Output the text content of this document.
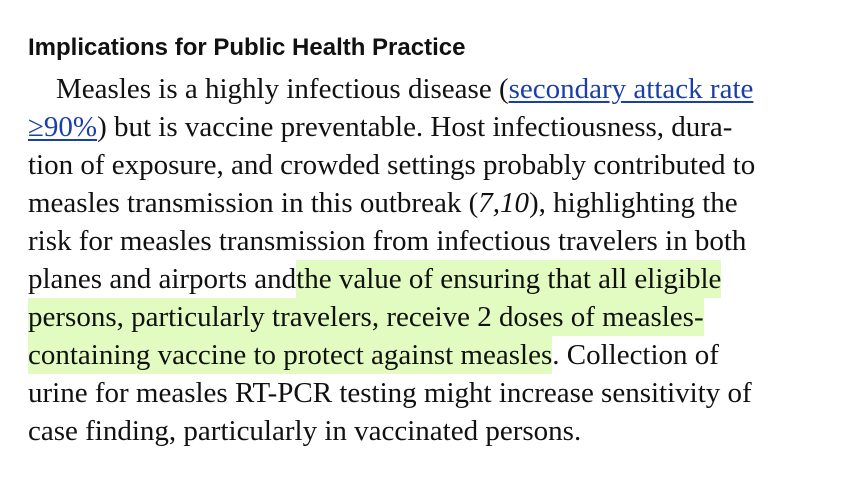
Implications for Public Health Practice
Measles is a highly infectious disease ( secondary attack rate
≥90%) but is vaccine preventable. Host infectiousness, dura-
tion of exposure, and crowded settings probably contributed to
measles transmission in this outbreak ( 7,10 ), highlighting the
risk for measles transmission from infectious travelers in both
planes and airports and the value of ensuring that all eligible
persons, particularly travelers, receive 2 doses of measles-
containing vaccine to protect against measles . Collection of
urine for measles RT-PCR testing might increase sensitivity of
case finding, particularly in vaccinated persons.
